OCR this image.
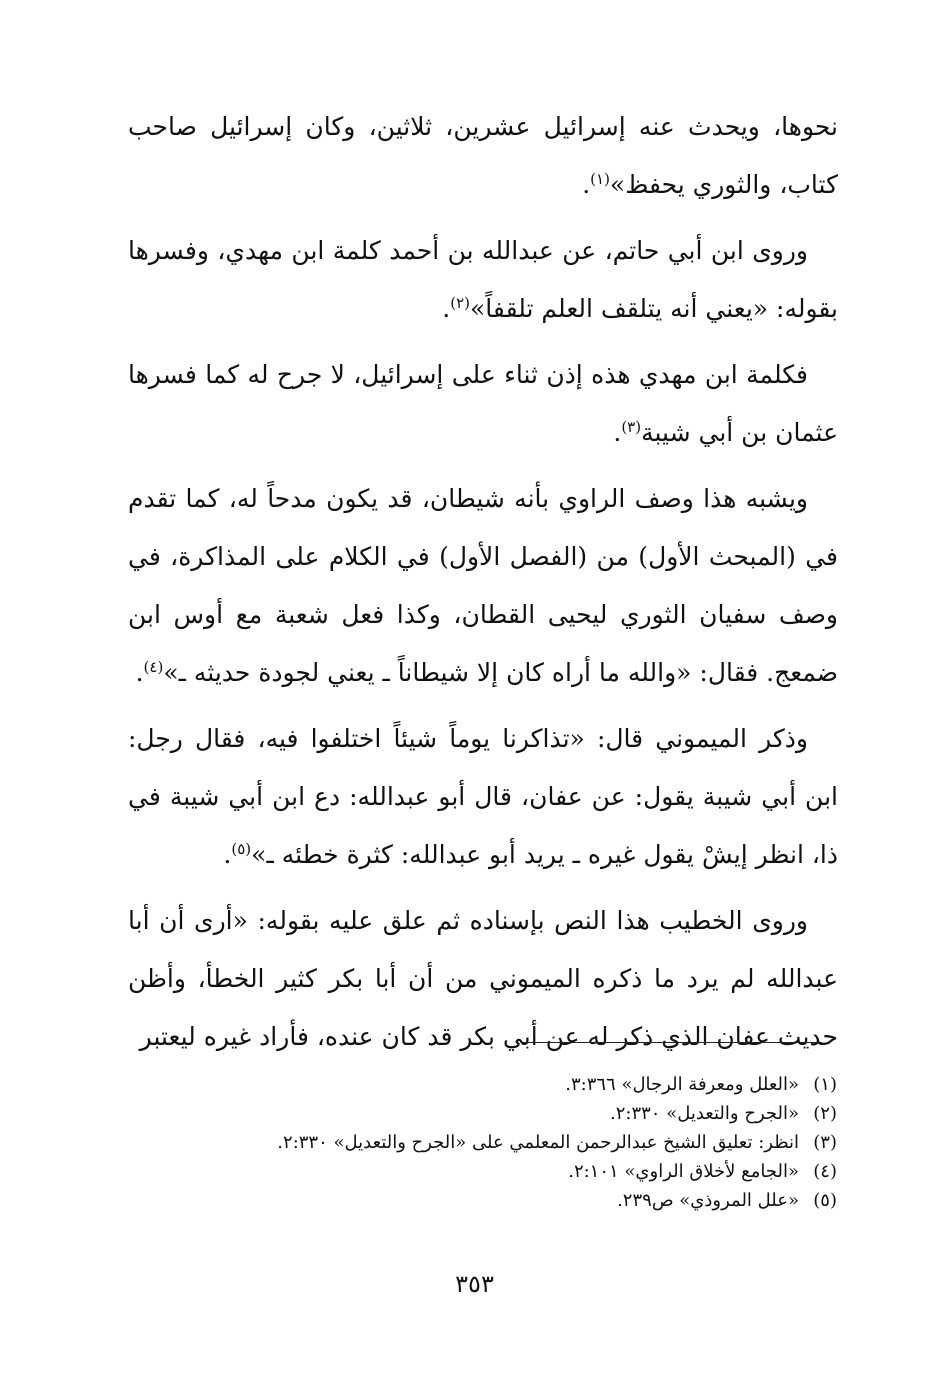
نحوها، ويحدث عنه إسرائيل عشرين، ثلاثين، وكان إسرائيل صاحب كتاب، والثوري يحفظ»$^{(١)}$.

وروى ابن أبي حاتم، عن عبدالله بن أحمد كلمة ابن مهدي، وفسرها بقوله: «يعني أنه يتلقف العلم تلقفاً»$^{(٢)}$.

فكلمة ابن مهدي هذه إذن ثناء على إسرائيل، لا جرح له كما فسرها عثمان بن أبي شيبة$^{(٣)}$.

ويشبه هذا وصف الراوي بأنه شيطان، قد يكون مدحاً له، كما تقدم في (المبحث الأول) من (الفصل الأول) في الكلام على المذاكرة، في وصف سفيان الثوري ليحيى القطان، وكذا فعل شعبة مع أوس ابن ضمعج. فقال: «والله ما أراه كان إلا شيطاناً ـ يعني لجودة حديثه ـ»$^{(٤)}$.

وذكر الميموني قال: «تذاكرنا يوماً شيئاً اختلفوا فيه، فقال رجل: ابن أبي شيبة يقول: عن عفان، قال أبو عبدالله: دع ابن أبي شيبة في ذا، انظر إيشْ يقول غيره ـ يريد أبو عبدالله: كثرة خطئه ـ»$^{(٥)}$.

وروى الخطيب هذا النص بإسناده ثم علق عليه بقوله: «أرى أن أبا عبدالله لم يرد ما ذكره الميموني من أن أبا بكر كثير الخطأ، وأظن حديث عفان الذي ذكر له عن أبي بكر قد كان عنده، فأراد غيره ليعتبر

(١)
«العلل ومعرفة الرجال» ٣:٣٦٦.
(٢)
«الجرح والتعديل» ٢:٣٣٠.
(٣)
انظر: تعليق الشيخ عبدالرحمن المعلمي على «الجرح والتعديل» ٢:٣٣٠.
(٤)
«الجامع لأخلاق الراوي» ٢:١٠١.
(٥)
«علل المروذي» ص٢٣٩.
٣٥٣
